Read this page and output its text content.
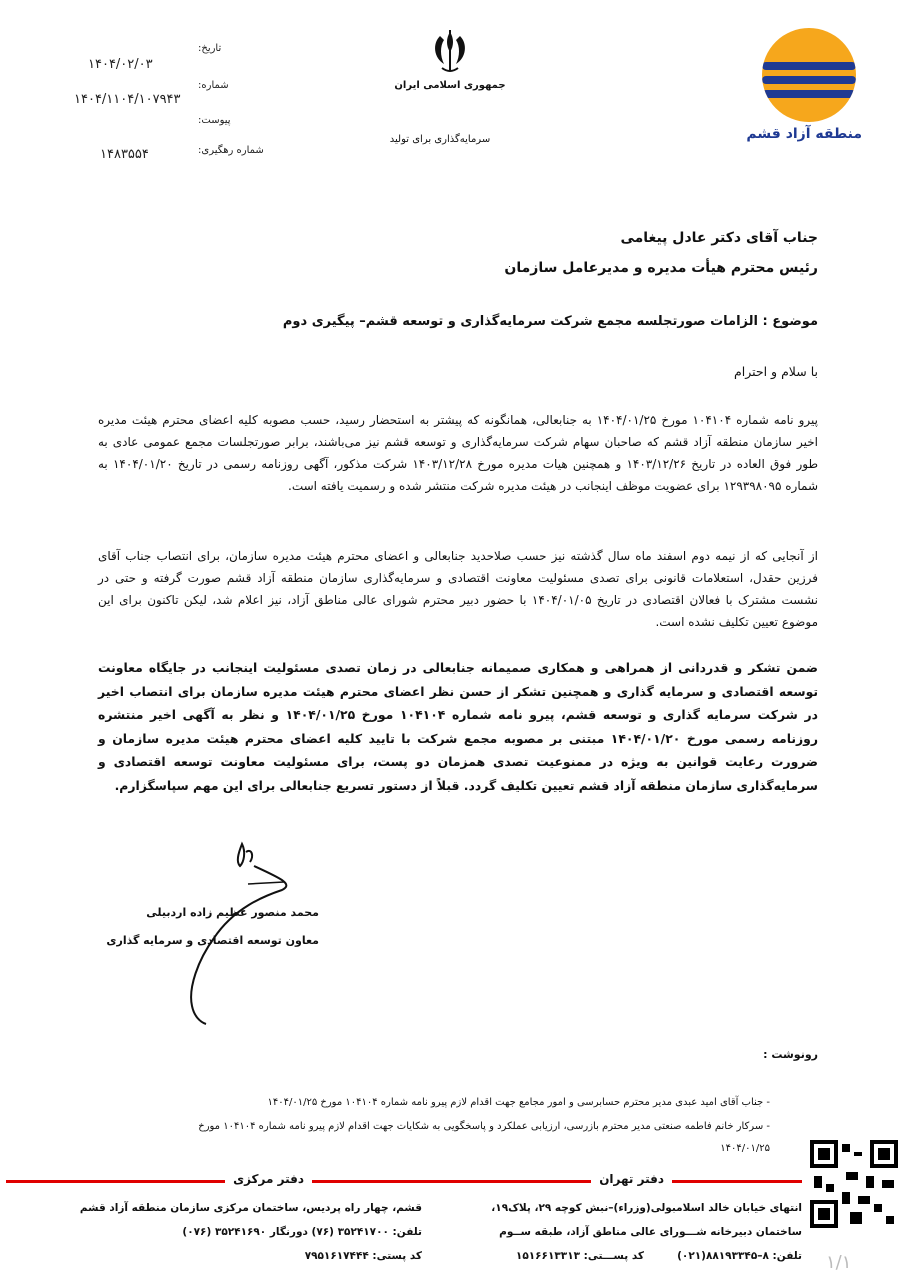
منطقه آزاد قشم
جمهوری اسلامی ایران
سرمایه‌گذاری برای تولید
تاریخ:
۱۴۰۴/۰۲/۰۳
شماره:
۱۴۰۴/۱۱۰۴/۱۰۷۹۴۳
پیوست:
شماره رهگیری:
۱۴۸۳۵۵۴
جناب آقای دکتر عادل پیغامی
رئیس محترم هیأت مدیره و مدیرعامل سازمان
موضوع : الزامات صورتجلسه مجمع شرکت سرمایه‌گذاری و توسعه قشم– پیگیری دوم
با سلام و احترام
پیرو نامه شماره ۱۰۴۱۰۴ مورخ ۱۴۰۴/۰۱/۲۵ به جنابعالی، همانگونه که پیشتر به استحضار رسید، حسب مصوبه کلیه اعضای محترم هیئت مدیره اخیر سازمان منطقه آزاد قشم که صاحبان سهام شرکت سرمایه‌گذاری و توسعه قشم نیز می‌باشند، برابر صورتجلسات مجمع عمومی عادی به طور فوق العاده در تاریخ ۱۴۰۳/۱۲/۲۶ و همچنین هیات مدیره مورخ ۱۴۰۳/۱۲/۲۸ شرکت مذکور، آگهی روزنامه رسمی در تاریخ ۱۴۰۴/۰۱/۲۰ به شماره ۱۲۹۳۹۸۰۹۵ برای عضویت موظف اینجانب در هیئت مدیره شرکت منتشر شده و رسمیت یافته است.
از آنجایی که از نیمه دوم اسفند ماه سال گذشته نیز حسب صلاحدید جنابعالی و اعضای محترم هیئت مدیره سازمان، برای انتصاب جناب آقای فرزین حقدل، استعلامات قانونی برای تصدی مسئولیت معاونت اقتصادی و سرمایه‌گذاری سازمان منطقه آزاد قشم صورت گرفته و حتی در نشست مشترک با فعالان اقتصادی در تاریخ ۱۴۰۴/۰۱/۰۵ با حضور دبیر محترم شورای عالی مناطق آزاد، نیز اعلام شد، لیکن تاکنون برای این موضوع تعیین تکلیف نشده است.
ضمن تشکر و قدردانی از همراهی و همکاری صمیمانه جنابعالی در زمان تصدی مسئولیت اینجانب در جایگاه معاونت توسعه اقتصادی و سرمایه گذاری و همچنین تشکر از حسن نظر اعضای محترم هیئت مدیره سازمان برای انتصاب اخیر در شرکت سرمایه گذاری و توسعه قشم، پیرو نامه شماره ۱۰۴۱۰۴ مورخ ۱۴۰۴/۰۱/۲۵ و نظر به آگهی اخیر منتشره روزنامه رسمی مورخ ۱۴۰۴/۰۱/۲۰ مبتنی بر مصوبه مجمع شرکت با تایید کلیه اعضای محترم هیئت مدیره سازمان و ضرورت رعایت قوانین به ویژه در ممنوعیت تصدی همزمان دو پست، برای مسئولیت معاونت توسعه اقتصادی و سرمایه‌گذاری سازمان منطقه آزاد قشم تعیین تکلیف گردد. قبلاً از دستور تسریع جنابعالی برای این مهم سپاسگزارم.
محمد منصور عظیم زاده اردبیلی
معاون توسعه اقتصادی و سرمایه گذاری
رونوشت :
- جناب آقای امید عبدی مدیر محترم حسابرسی و امور مجامع جهت اقدام لازم پیرو نامه شماره ۱۰۴۱۰۴ مورخ ۱۴۰۴/۰۱/۲۵
- سرکار خانم فاطمه صنعتی مدیر محترم بازرسی، ارزیابی عملکرد و پاسخگویی به شکایات جهت اقدام لازم پیرو نامه شماره ۱۰۴۱۰۴ مورخ
۱۴۰۴/۰۱/۲۵
دفتر تهران
دفتر مرکزی
انتهای خیابان خالد اسلامبولی(وزراء)–نبش کوچه ۲۹، پلاک۱۹،
ساختمان دبیرخانه شـــورای عالی مناطق آزاد، طبقه ســوم
تلفن: ۸–۸۸۱۹۳۳۴۵(۰۲۱)
کد پســـتی: ۱۵۱۶۶۱۳۳۱۳
قشم، چهار راه پردیس، ساختمان مرکزی سازمان منطقه آزاد قشم
تلفن: ۳۵۲۴۱۷۰۰ (۷۶) دورنگار ۳۵۲۴۱۶۹۰ (۰۷۶)
کد پستی: ۷۹۵۱۶۱۷۴۴۴	۱/۱
